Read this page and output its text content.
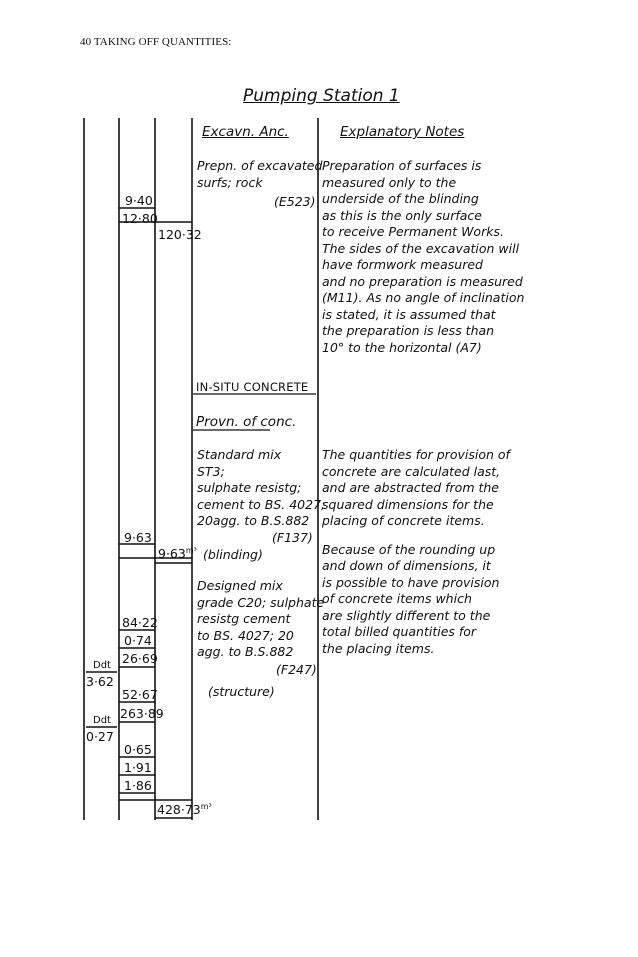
40 TAKING OFF QUANTITIES:
Pumping Station 1
Excavn. Anc.	Explanatory Notes
Prepn. of excavated
surfs; rock
(E523)
9·40
12·80
120·32
Preparation of surfaces is
measured only to the
underside of the blinding
as this is the only surface
to receive Permanent Works.
The sides of the excavation will
have formwork measured
and no preparation is measured
(M11). As no angle of inclination
is stated, it is assumed that
the preparation is less than
10° to the horizontal (A7)
IN-SITU CONCRETE
Provn. of conc.
Standard mix
ST3;
sulphate resistg;
cement to BS. 4027;
20agg. to B.S.882
(F137)
(blinding)
9·63
$9\cdot 63^{m^3}$
The quantities for provision of
concrete are calculated last,
and are abstracted from the
squared dimensions for the
placing of concrete items.
Because of the rounding up
and down of dimensions, it
is possible to have provision
of concrete items which
are slightly different to the
total billed quantities for
the placing items.
Designed mix
grade C20; sulphate
resistg cement
to BS. 4027; 20
agg. to B.S.882
(F247)
(structure)
84·22
0·74
26·69
Ddt
3·62
52·67
263·89
Ddt
0·27
0·65
1·91
1·86
$428\cdot 73^{m^3}$
